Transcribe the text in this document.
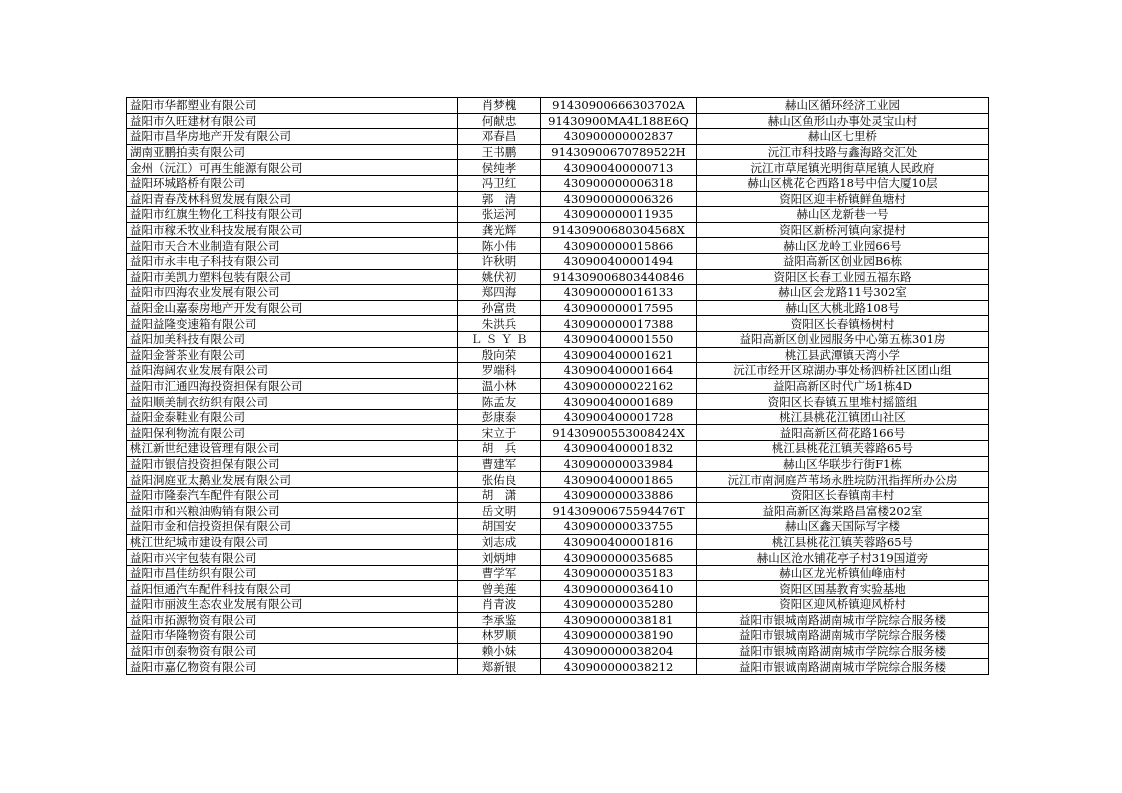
益阳市华都塑业有限公司	肖梦槐	91430900666303702A	赫山区循环经济工业园
益阳市久旺建材有限公司	何献忠	91430900MA4L188E6Q	赫山区鱼形山办事处灵宝山村
益阳市昌华房地产开发有限公司	邓春昌	430900000002837	赫山区七里桥
湖南亚鹏拍卖有限公司	王书鹏	91430900670789522H	沅江市科技路与鑫海路交汇处
金州（沅江）可再生能源有限公司	侯纯孝	430900400000713	沅江市草尾镇光明街草尾镇人民政府
益阳环城路桥有限公司	冯卫红	430900000006318	赫山区桃花仑西路18号中信大厦10层
益阳青春茂林科贸发展有限公司	郭　清	430900000006326	资阳区迎丰桥镇鲜鱼塘村
益阳市红旗生物化工科技有限公司	张运河	430900000011935	赫山区龙新巷一号
益阳市稼禾牧业科技发展有限公司	龚光辉	91430900680304568X	资阳区新桥河镇向家提村
益阳市天合木业制造有限公司	陈小伟	430900000015866	赫山区龙岭工业园66号
益阳市永丰电子科技有限公司	许秋明	430900400001494	益阳高新区创业园B6栋
益阳市美凯力塑料包装有限公司	姚伏初	914309006803440846	资阳区长春工业园五福东路
益阳市四海农业发展有限公司	郑四海	430900000016133	赫山区会龙路11号302室
益阳金山嘉泰房地产开发有限公司	孙富贵	430900000017595	赫山区大桃北路108号
益阳益隆变速箱有限公司	朱洪兵	430900000017388	资阳区长春镇杨树村
益阳加美科技有限公司	Ｌ Ｓ Ｙ Ｂ	430900400001550	益阳高新区创业园服务中心第五栋301房
益阳金誉茶业有限公司	殷向荣	430900400001621	桃江县武潭镇天湾小学
益阳海阔农业发展有限公司	罗端科	430900400001664	沅江市经开区琼湖办事处杨泗桥社区团山组
益阳市汇通四海投资担保有限公司	温小林	430900000022162	益阳高新区时代广场1栋4D
益阳顺美制衣纺织有限公司	陈孟友	430900400001689	资阳区长春镇五里堆村摇篮组
益阳金泰鞋业有限公司	彭康泰	430900400001728	桃江县桃花江镇团山社区
益阳保利物流有限公司	宋立于	91430900553008424X	益阳高新区荷花路166号
桃江新世纪建设管理有限公司	胡　兵	430900400001832	桃江县桃花江镇芙蓉路65号
益阳市银信投资担保有限公司	曹建军	430900000033984	赫山区华联步行街F1栋
益阳洞庭亚太鹅业发展有限公司	张佑良	430900400001865	沅江市南洞庭芦苇场永胜垸防汛指挥所办公房
益阳市隆泰汽车配件有限公司	胡　潇	430900000033886	资阳区长春镇南丰村
益阳市和兴粮油购销有限公司	岳文明	91430900675594476T	益阳高新区海棠路昌富楼202室
益阳市金和信投资担保有限公司	胡国安	430900000033755	赫山区鑫天国际写字楼
桃江世纪城市建设有限公司	刘志成	430900400001816	桃江县桃花江镇芙蓉路65号
益阳市兴宇包装有限公司	刘炳坤	430900000035685	赫山区沧水铺花亭子村319国道旁
益阳市昌佳纺织有限公司	曹学军	430900000035183	赫山区龙光桥镇仙峰庙村
益阳恒通汽车配件科技有限公司	曾美莲	430900000036410	资阳区国基教育实验基地
益阳市丽波生态农业发展有限公司	肖青波	430900000035280	资阳区迎风桥镇迎风桥村
益阳市拓源物资有限公司	李承鉴	430900000038181	益阳市银城南路湖南城市学院综合服务楼
益阳市华隆物资有限公司	林罗顺	430900000038190	益阳市银城南路湖南城市学院综合服务楼
益阳市创泰物资有限公司	赖小妹	430900000038204	益阳市银城南路湖南城市学院综合服务楼
益阳市嘉亿物资有限公司	郑新银	430900000038212	益阳市银诚南路湖南城市学院综合服务楼
